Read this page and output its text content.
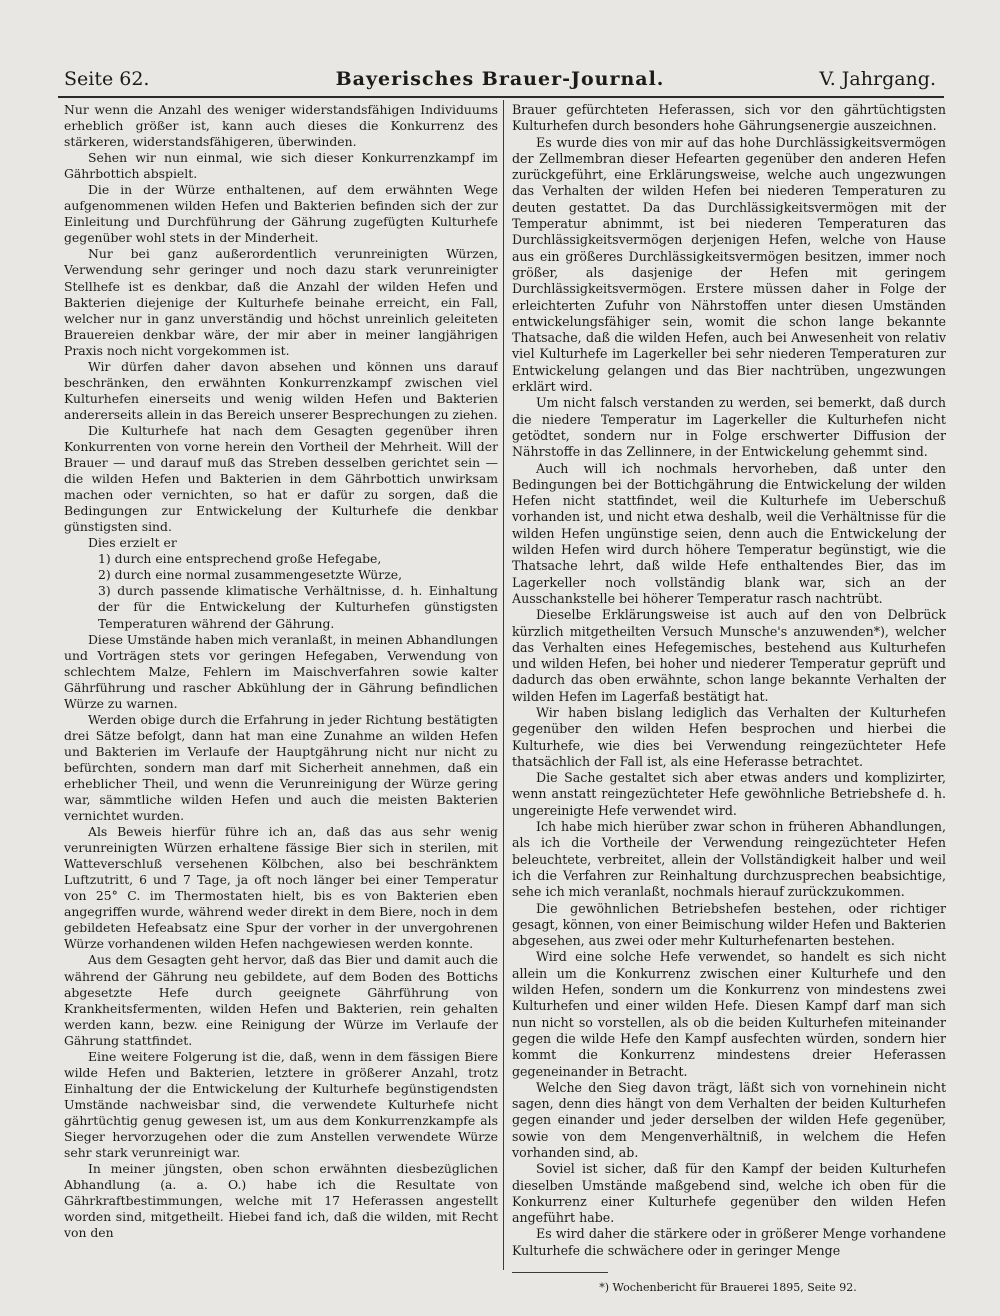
Bayerisches Brauer-Journal.
Seite 62.	V. Jahrgang.

Nur wenn die Anzahl des weniger widerstandsfähigen Individuums erheblich größer ist, kann auch dieses die Konkurrenz des stärkeren, widerstandsfähigeren, überwinden.

Sehen wir nun einmal, wie sich dieser Konkurrenzkampf im Gährbottich abspielt.

Die in der Würze enthaltenen, auf dem erwähnten Wege aufgenommenen wilden Hefen und Bakterien befinden sich der zur Einleitung und Durchführung der Gährung zugefügten Kulturhefe gegenüber wohl stets in der Minderheit.

Nur bei ganz außerordentlich verunreinigten Würzen, Verwendung sehr geringer und noch dazu stark verunreinigter Stellhefe ist es denkbar, daß die Anzahl der wilden Hefen und Bakterien diejenige der Kulturhefe beinahe erreicht, ein Fall, welcher nur in ganz unverständig und höchst unreinlich geleiteten Brauereien denkbar wäre, der mir aber in meiner langjährigen Praxis noch nicht vorgekommen ist.

Wir dürfen daher davon absehen und können uns darauf beschränken, den erwähnten Konkurrenzkampf zwischen viel Kulturhefen einerseits und wenig wilden Hefen und Bakterien andererseits allein in das Bereich unserer Besprechungen zu ziehen.

Die Kulturhefe hat nach dem Gesagten gegenüber ihren Konkurrenten von vorne herein den Vortheil der Mehrheit. Will der Brauer — und darauf muß das Streben desselben gerichtet sein — die wilden Hefen und Bakterien in dem Gährbottich unwirksam machen oder vernichten, so hat er dafür zu sorgen, daß die Bedingungen zur Entwickelung der Kulturhefe die denkbar günstigsten sind.

Dies erzielt er

1) durch eine entsprechend große Hefegabe,

2) durch eine normal zusammengesetzte Würze,

3) durch passende klimatische Verhältnisse, d. h. Einhaltung der für die Entwickelung der Kulturhefen günstigsten Temperaturen während der Gährung.

Diese Umstände haben mich veranlaßt, in meinen Abhandlungen und Vorträgen stets vor geringen Hefegaben, Verwendung von schlechtem Malze, Fehlern im Maischverfahren sowie kalter Gährführung und rascher Abkühlung der in Gährung befindlichen Würze zu warnen.

Werden obige durch die Erfahrung in jeder Richtung bestätigten drei Sätze befolgt, dann hat man eine Zunahme an wilden Hefen und Bakterien im Verlaufe der Hauptgährung nicht nur nicht zu befürchten, sondern man darf mit Sicherheit annehmen, daß ein erheblicher Theil, und wenn die Verunreinigung der Würze gering war, sämmtliche wilden Hefen und auch die meisten Bakterien vernichtet wurden.

Als Beweis hierfür führe ich an, daß das aus sehr wenig verunreinigten Würzen erhaltene fässige Bier sich in sterilen, mit Watteverschluß versehenen Kölbchen, also bei beschränktem Luftzutritt, 6 und 7 Tage, ja oft noch länger bei einer Temperatur von 25° C. im Thermostaten hielt, bis es von Bakterien eben angegriffen wurde, während weder direkt in dem Biere, noch in dem gebildeten Hefeabsatz eine Spur der vorher in der unvergohrenen Würze vorhandenen wilden Hefen nachgewiesen werden konnte.

Aus dem Gesagten geht hervor, daß das Bier und damit auch die während der Gährung neu gebildete, auf dem Boden des Bottichs abgesetzte Hefe durch geeignete Gährführung von Krankheitsfermenten, wilden Hefen und Bakterien, rein gehalten werden kann, bezw. eine Reinigung der Würze im Verlaufe der Gährung stattfindet.

Eine weitere Folgerung ist die, daß, wenn in dem fässigen Biere wilde Hefen und Bakterien, letztere in größerer Anzahl, trotz Einhaltung der die Entwickelung der Kulturhefe begünstigendsten Umstände nachweisbar sind, die verwendete Kulturhefe nicht gährtüchtig genug gewesen ist, um aus dem Konkurrenzkampfe als Sieger hervorzugehen oder die zum Anstellen verwendete Würze sehr stark verunreinigt war.

In meiner jüngsten, oben schon erwähnten diesbezüglichen Abhandlung (a. a. O.) habe ich die Resultate von Gährkraftbestimmungen, welche mit 17 Heferassen angestellt worden sind, mitgetheilt. Hiebei fand ich, daß die wilden, mit Recht von den

Brauer gefürchteten Heferassen, sich vor den gährtüchtigsten Kulturhefen durch besonders hohe Gährungsenergie auszeichnen.

Es wurde dies von mir auf das hohe Durchlässigkeitsvermögen der Zellmembran dieser Hefearten gegenüber den anderen Hefen zurückgeführt, eine Erklärungsweise, welche auch ungezwungen das Verhalten der wilden Hefen bei niederen Temperaturen zu deuten gestattet. Da das Durchlässigkeitsvermögen mit der Temperatur abnimmt, ist bei niederen Temperaturen das Durchlässigkeitsvermögen derjenigen Hefen, welche von Hause aus ein größeres Durchlässigkeitsvermögen besitzen, immer noch größer, als dasjenige der Hefen mit geringem Durchlässigkeitsvermögen. Erstere müssen daher in Folge der erleichterten Zufuhr von Nährstoffen unter diesen Umständen entwickelungsfähiger sein, womit die schon lange bekannte Thatsache, daß die wilden Hefen, auch bei Anwesenheit von relativ viel Kulturhefe im Lagerkeller bei sehr niederen Temperaturen zur Entwickelung gelangen und das Bier nachtrüben, ungezwungen erklärt wird.

Um nicht falsch verstanden zu werden, sei bemerkt, daß durch die niedere Temperatur im Lagerkeller die Kulturhefen nicht getödtet, sondern nur in Folge erschwerter Diffusion der Nährstoffe in das Zellinnere, in der Entwickelung gehemmt sind.

Auch will ich nochmals hervorheben, daß unter den Bedingungen bei der Bottichgährung die Entwickelung der wilden Hefen nicht stattfindet, weil die Kulturhefe im Ueberschuß vorhanden ist, und nicht etwa deshalb, weil die Verhältnisse für die wilden Hefen ungünstige seien, denn auch die Entwickelung der wilden Hefen wird durch höhere Temperatur begünstigt, wie die Thatsache lehrt, daß wilde Hefe enthaltendes Bier, das im Lagerkeller noch vollständig blank war, sich an der Ausschankstelle bei höherer Temperatur rasch nachtrübt.

Dieselbe Erklärungsweise ist auch auf den von Delbrück kürzlich mitgetheilten Versuch Munsche's anzuwenden*), welcher das Verhalten eines Hefegemisches, bestehend aus Kulturhefen und wilden Hefen, bei hoher und niederer Temperatur geprüft und dadurch das oben erwähnte, schon lange bekannte Verhalten der wilden Hefen im Lagerfaß bestätigt hat.

Wir haben bislang lediglich das Verhalten der Kulturhefen gegenüber den wilden Hefen besprochen und hierbei die Kulturhefe, wie dies bei Verwendung reingezüchteter Hefe thatsächlich der Fall ist, als eine Heferasse betrachtet.

Die Sache gestaltet sich aber etwas anders und komplizirter, wenn anstatt reingezüchteter Hefe gewöhnliche Betriebshefe d. h. ungereinigte Hefe verwendet wird.

Ich habe mich hierüber zwar schon in früheren Abhandlungen, als ich die Vortheile der Verwendung reingezüchteter Hefen beleuchtete, verbreitet, allein der Vollständigkeit halber und weil ich die Verfahren zur Reinhaltung durchzusprechen beabsichtige, sehe ich mich veranlaßt, nochmals hierauf zurückzukommen.

Die gewöhnlichen Betriebshefen bestehen, oder richtiger gesagt, können, von einer Beimischung wilder Hefen und Bakterien abgesehen, aus zwei oder mehr Kulturhefenarten bestehen.

Wird eine solche Hefe verwendet, so handelt es sich nicht allein um die Konkurrenz zwischen einer Kulturhefe und den wilden Hefen, sondern um die Konkurrenz von mindestens zwei Kulturhefen und einer wilden Hefe. Diesen Kampf darf man sich nun nicht so vorstellen, als ob die beiden Kulturhefen miteinander gegen die wilde Hefe den Kampf ausfechten würden, sondern hier kommt die Konkurrenz mindestens dreier Heferassen gegeneinander in Betracht.

Welche den Sieg davon trägt, läßt sich von vornehinein nicht sagen, denn dies hängt von dem Verhalten der beiden Kulturhefen gegen einander und jeder derselben der wilden Hefe gegenüber, sowie von dem Mengenverhältniß, in welchem die Hefen vorhanden sind, ab.

Soviel ist sicher, daß für den Kampf der beiden Kulturhefen dieselben Umstände maßgebend sind, welche ich oben für die Konkurrenz einer Kulturhefe gegenüber den wilden Hefen angeführt habe.

Es wird daher die stärkere oder in größerer Menge vorhandene Kulturhefe die schwächere oder in geringer Menge

*) Wochenbericht für Brauerei 1895, Seite 92.
